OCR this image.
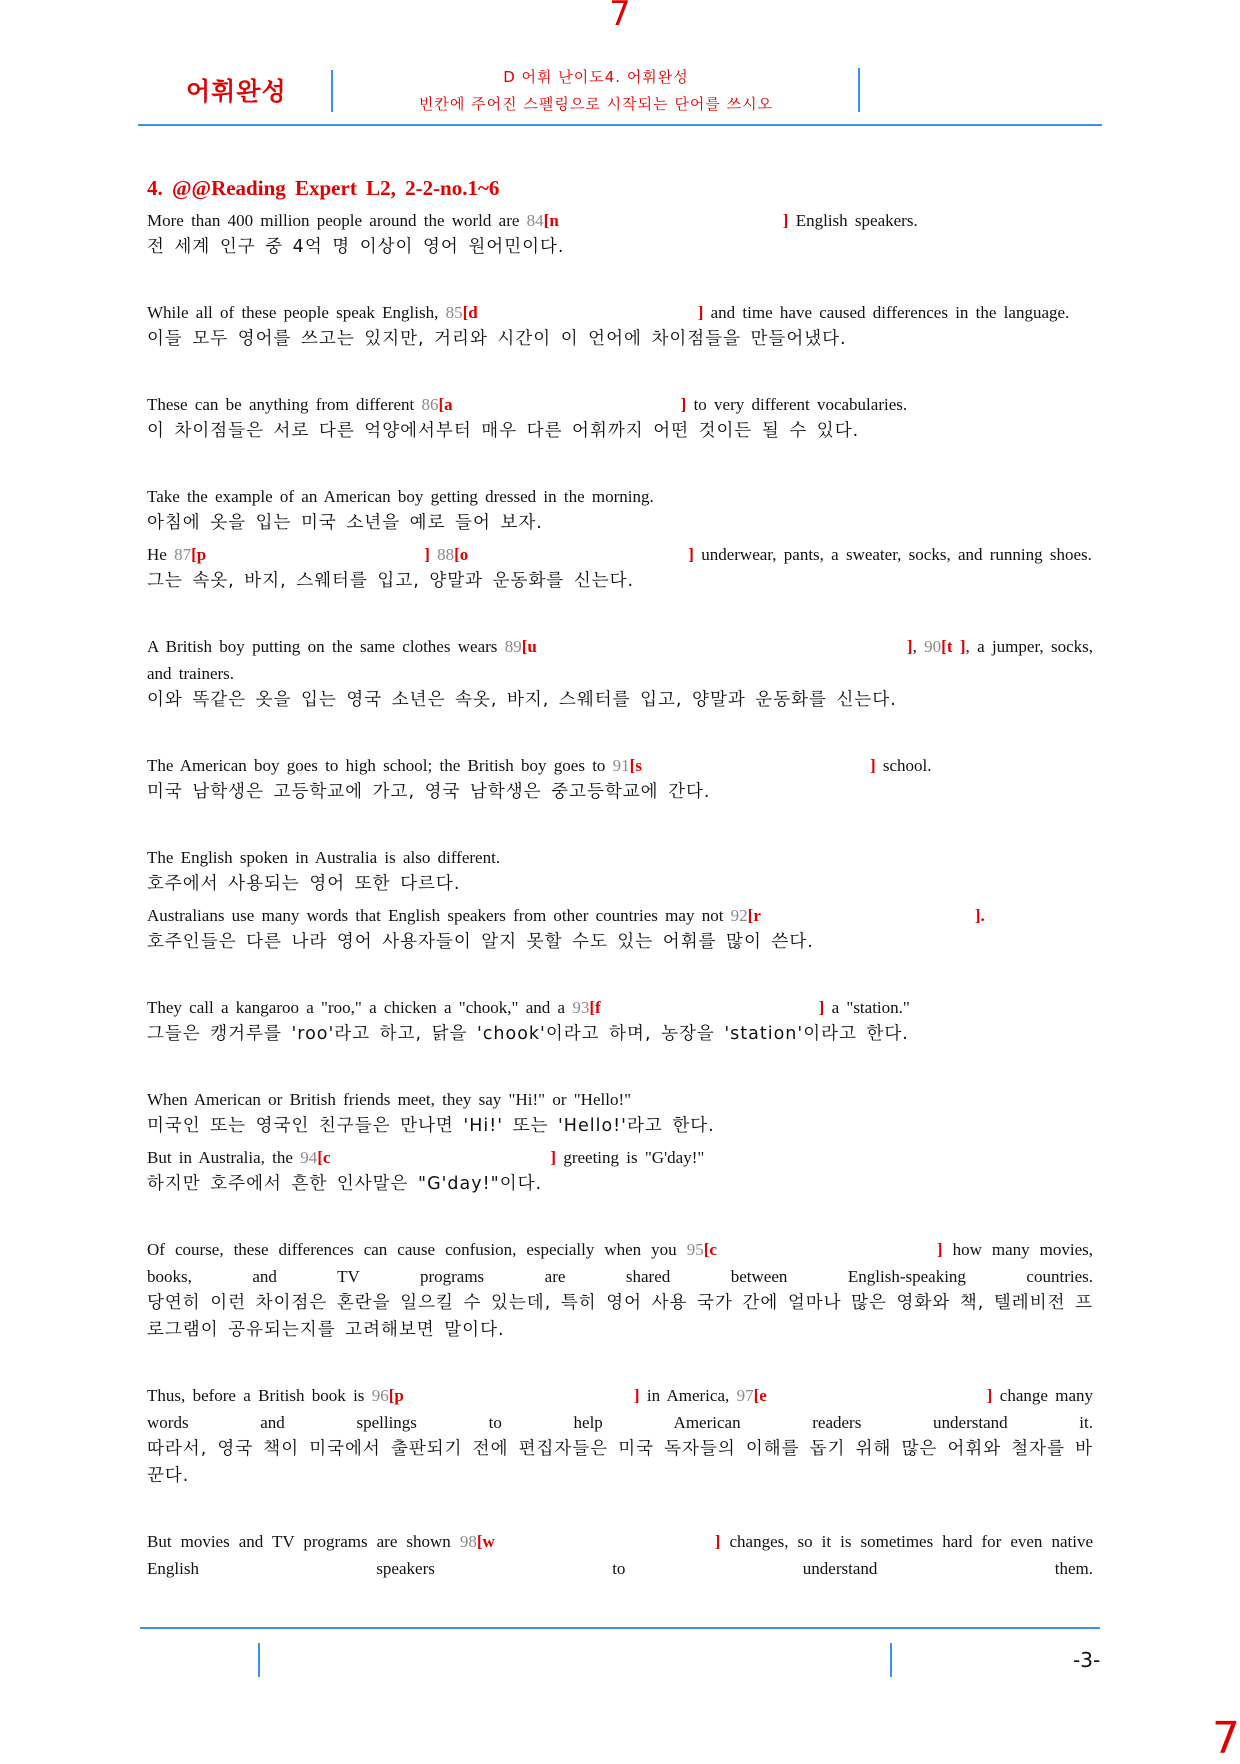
7
어휘완성	D 어휘 난이도4. 어휘완성
빈칸에 주어진 스펠링으로 시작되는 단어를 쓰시오
4. @@Reading Expert L2, 2-2-no.1~6
More than 400 million people around the world are 84[n	] English speakers.
전 세계 인구 중 4억 명 이상이 영어 원어민이다.
While all of these people speak English, 85[d	] and time have caused differences in the language.
이들 모두 영어를 쓰고는 있지만, 거리와 시간이 이 언어에 차이점들을 만들어냈다.
These can be anything from different 86[a	] to very different vocabularies.
이 차이점들은 서로 다른 억양에서부터 매우 다른 어휘까지 어떤 것이든 될 수 있다.
Take the example of an American boy getting dressed in the morning.
아침에 옷을 입는 미국 소년을 예로 들어 보자.
He 87[p	] 88[o	] underwear, pants, a sweater, socks, and running shoes.
그는 속옷, 바지, 스웨터를 입고, 양말과 운동화를 신는다.
A British boy putting on the same clothes wears 89[u	], 90[t ], a jumper, socks, and trainers.
이와 똑같은 옷을 입는 영국 소년은 속옷, 바지, 스웨터를 입고, 양말과 운동화를 신는다.
The American boy goes to high school; the British boy goes to 91[s	] school.
미국 남학생은 고등학교에 가고, 영국 남학생은 중고등학교에 간다.
The English spoken in Australia is also different.
호주에서 사용되는 영어 또한 다르다.
Australians use many words that English speakers from other countries may not 92[r	].
호주인들은 다른 나라 영어 사용자들이 알지 못할 수도 있는 어휘를 많이 쓴다.
They call a kangaroo a "roo," a chicken a "chook," and a 93[f	] a "station."
그들은 캥거루를 'roo'라고 하고, 닭을 'chook'이라고 하며, 농장을 'station'이라고 한다.
When American or British friends meet, they say "Hi!" or "Hello!"
미국인 또는 영국인 친구들은 만나면 'Hi!' 또는 'Hello!'라고 한다.
But in Australia, the 94[c	] greeting is "G'day!"
하지만 호주에서 흔한 인사말은 "G'day!"이다.
Of course, these differences can cause confusion, especially when you 95[c	] how many movies, books, and TV programs are shared between English-speaking countries.
당연히 이런 차이점은 혼란을 일으킬 수 있는데, 특히 영어 사용 국가 간에 얼마나 많은 영화와 책, 텔레비전 프로그램이 공유되는지를 고려해보면 말이다.
Thus, before a British book is 96[p	] in America, 97[e	] change many words and spellings to help American readers understand it.
따라서, 영국 책이 미국에서 출판되기 전에 편집자들은 미국 독자들의 이해를 돕기 위해 많은 어휘와 철자를 바꾼다.
But movies and TV programs are shown 98[w	] changes, so it is sometimes hard for even native English speakers to understand them.
-3-
7
